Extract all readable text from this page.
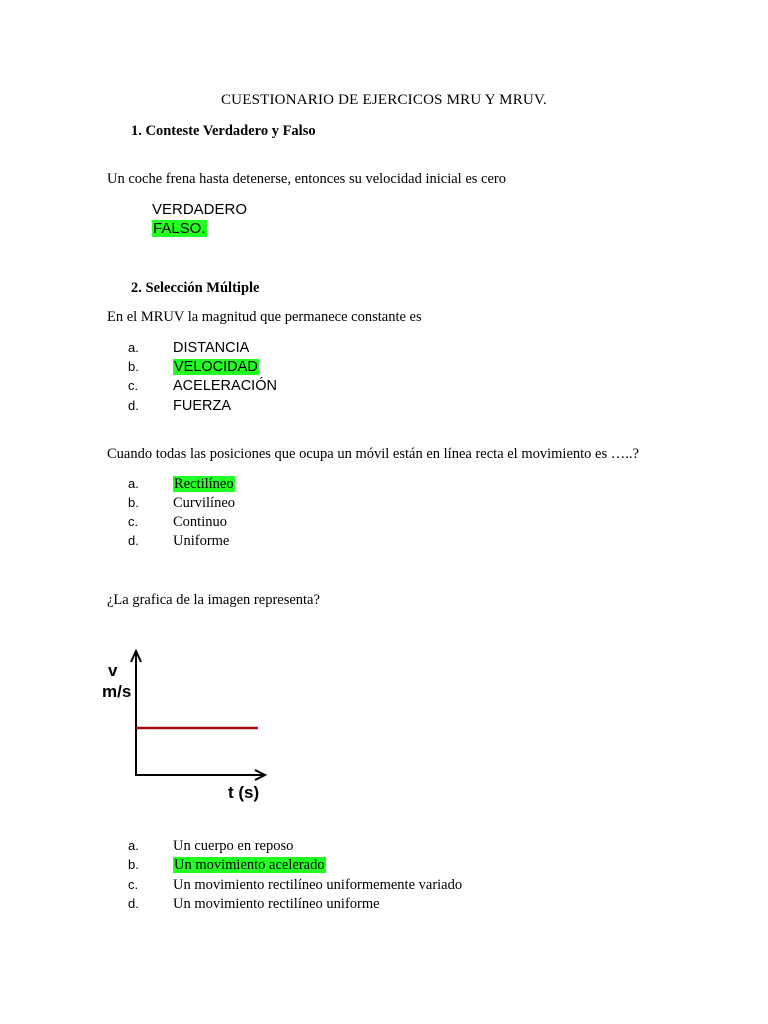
CUESTIONARIO DE EJERCICOS MRU Y MRUV.
1. Conteste Verdadero y Falso
Un coche frena hasta detenerse, entonces su velocidad inicial es cero
VERDADERO
FALSO.
2. Selección Múltiple
En el MRUV la magnitud que permanece constante es
a. DISTANCIA
b. VELOCIDAD
c. ACELERACIÓN
d. FUERZA
Cuando todas las posiciones que ocupa un móvil están en línea recta el movimiento es …..?
a. Rectilíneo
b. Curvilíneo
c. Continuo
d. Uniforme
¿La grafica de la imagen representa?
v
m/s
t (s)
a. Un cuerpo en reposo
b. Un movimiento acelerado
c. Un movimiento rectilíneo uniformemente variado
d. Un movimiento rectilíneo uniforme
